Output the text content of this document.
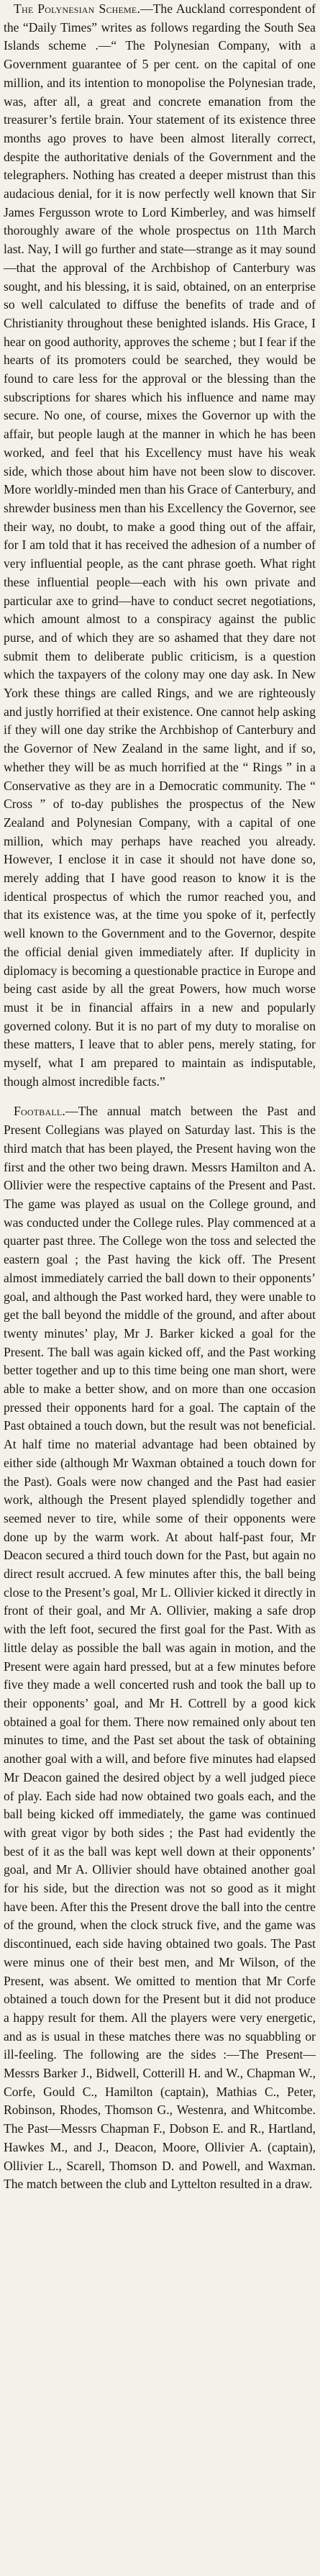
The Polynesian Scheme.—The Auckland correspondent of the “Daily Times” writes as follows regarding the South Sea Islands scheme .—“ The Polynesian Company, with a Government guarantee of 5 per cent. on the capital of one million, and its intention to monopolise the Polynesian trade, was, after all, a great and concrete emanation from the treasurer’s fertile brain. Your statement of its existence three months ago proves to have been almost literally correct, despite the authoritative denials of the Government and the telegraphers. Nothing has created a deeper mistrust than this audacious denial, for it is now perfectly well known that Sir James Fergusson wrote to Lord Kimberley, and was himself thoroughly aware of the whole prospectus on 11th March last. Nay, I will go further and state—strange as it may sound—that the approval of the Archbishop of Canterbury was sought, and his blessing, it is said, obtained, on an enterprise so well calculated to diffuse the benefits of trade and of Christianity throughout these benighted islands. His Grace, I hear on good authority, approves the scheme ; but I fear if the hearts of its promoters could be searched, they would be found to care less for the approval or the blessing than the subscriptions for shares which his influence and name may secure. No one, of course, mixes the Governor up with the affair, but people laugh at the manner in which he has been worked, and feel that his Excellency must have his weak side, which those about him have not been slow to discover. More worldly-minded men than his Grace of Canterbury, and shrewder business men than his Excellency the Governor, see their way, no doubt, to make a good thing out of the affair, for I am told that it has received the adhesion of a number of very influential people, as the cant phrase goeth. What right these influential people—each with his own private and particular axe to grind—have to conduct secret negotiations, which amount almost to a conspiracy against the public purse, and of which they are so ashamed that they dare not submit them to deliberate public criticism, is a question which the taxpayers of the colony may one day ask. In New York these things are called Rings, and we are righteously and justly horrified at their existence. One cannot help asking if they will one day strike the Archbishop of Canterbury and the Governor of New Zealand in the same light, and if so, whether they will be as much horrified at the “ Rings ” in a Conservative as they are in a Democratic community. The “ Cross ” of to-day publishes the prospectus of the New Zealand and Polynesian Company, with a capital of one million, which may perhaps have reached you already. However, I enclose it in case it should not have done so, merely adding that I have good reason to know it is the identical prospectus of which the rumor reached you, and that its existence was, at the time you spoke of it, perfectly well known to the Government and to the Governor, despite the official denial given immediately after. If duplicity in diplomacy is becoming a questionable practice in Europe and being cast aside by all the great Powers, how much worse must it be in financial affairs in a new and popularly governed colony. But it is no part of my duty to moralise on these matters, I leave that to abler pens, merely stating, for myself, what I am prepared to maintain as indisputable, though almost incredible facts.”

Football.—The annual match between the Past and Present Collegians was played on Saturday last. This is the third match that has been played, the Present having won the first and the other two being drawn. Messrs Hamilton and A. Ollivier were the respective captains of the Present and Past. The game was played as usual on the College ground, and was conducted under the College rules. Play commenced at a quarter past three. The College won the toss and selected the eastern goal ; the Past having the kick off. The Present almost immediately carried the ball down to their opponents’ goal, and although the Past worked hard, they were unable to get the ball beyond the middle of the ground, and after about twenty minutes’ play, Mr J. Barker kicked a goal for the Present. The ball was again kicked off, and the Past working better together and up to this time being one man short, were able to make a better show, and on more than one occasion pressed their opponents hard for a goal. The captain of the Past obtained a touch down, but the result was not beneficial. At half time no material advantage had been obtained by either side (although Mr Waxman obtained a touch down for the Past). Goals were now changed and the Past had easier work, although the Present played splendidly together and seemed never to tire, while some of their opponents were done up by the warm work. At about half-past four, Mr Deacon secured a third touch down for the Past, but again no direct result accrued. A few minutes after this, the ball being close to the Present’s goal, Mr L. Ollivier kicked it directly in front of their goal, and Mr A. Ollivier, making a safe drop with the left foot, secured the first goal for the Past. With as little delay as possible the ball was again in motion, and the Present were again hard pressed, but at a few minutes before five they made a well concerted rush and took the ball up to their opponents’ goal, and Mr H. Cottrell by a good kick obtained a goal for them. There now remained only about ten minutes to time, and the Past set about the task of obtaining another goal with a will, and before five minutes had elapsed Mr Deacon gained the desired object by a well judged piece of play. Each side had now obtained two goals each, and the ball being kicked off immediately, the game was continued with great vigor by both sides ; the Past had evidently the best of it as the ball was kept well down at their opponents’ goal, and Mr A. Ollivier should have obtained another goal for his side, but the direction was not so good as it might have been. After this the Present drove the ball into the centre of the ground, when the clock struck five, and the game was discontinued, each side having obtained two goals. The Past were minus one of their best men, and Mr Wilson, of the Present, was absent. We omitted to mention that Mr Corfe obtained a touch down for the Present but it did not produce a happy result for them. All the players were very energetic, and as is usual in these matches there was no squabbling or ill-feeling. The following are the sides :—The Present—Messrs Barker J., Bidwell, Cotterill H. and W., Chapman W., Corfe, Gould C., Hamilton (captain), Mathias C., Peter, Robinson, Rhodes, Thomson G., Westenra, and Whitcombe. The Past—Messrs Chapman F., Dobson E. and R., Hartland, Hawkes M., and J., Deacon, Moore, Ollivier A. (captain), Ollivier L., Scarell, Thomson D. and Powell, and Waxman. The match between the club and Lyttelton resulted in a draw.
